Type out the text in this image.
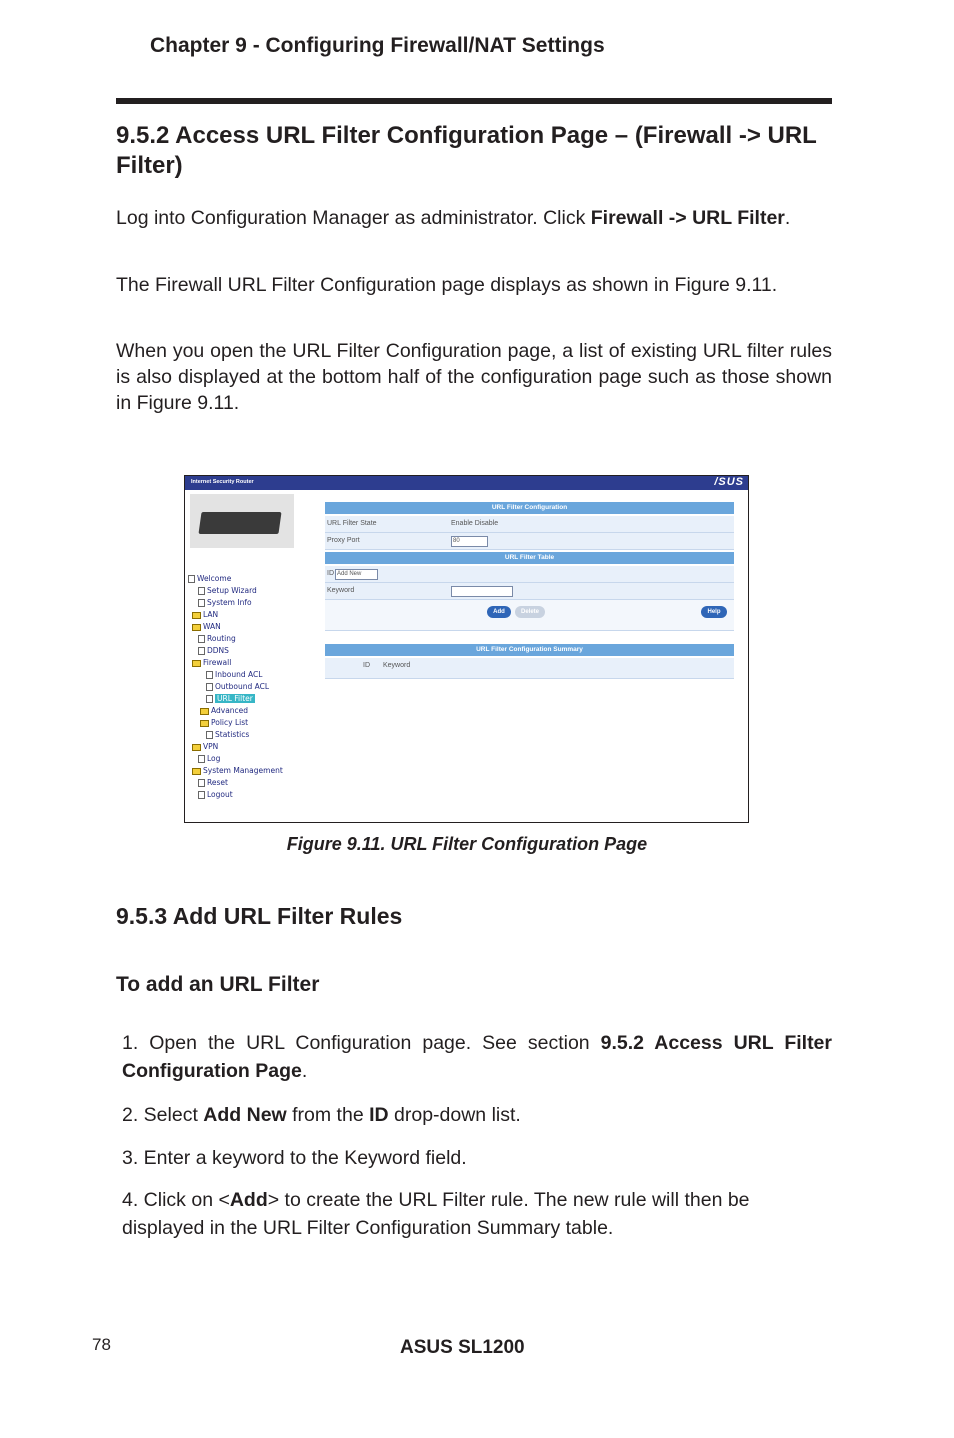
Chapter 9 - Configuring Firewall/NAT Settings
9.5.2 Access URL Filter Configuration Page – (Firewall -> URL Filter)
Log into Configuration Manager as administrator. Click Firewall -> URL Filter.
The Firewall URL Filter Configuration page displays as shown in Figure 9.11.
When you open the URL Filter Configuration page, a list of existing URL filter rules is also displayed at the bottom half of the configuration page such as those shown in Figure 9.11.
Internet Security Router	/SUS
Welcome
Setup Wizard
System Info
LAN
WAN
Routing
DDNS
Firewall
Inbound ACL
Outbound ACL
URL Filter
Advanced
Policy List
Statistics
VPN
Log
System Management
Reset
Logout
URL Filter Configuration
URL Filter State	Enable Disable
Proxy Port	80
URL Filter Table
ID Add New
Keyword
Add	Delete	Help
URL Filter Configuration Summary
ID Keyword
Figure 9.11. URL Filter Configuration Page
9.5.3 Add URL Filter Rules
To add an URL Filter
1. Open the URL Configuration page. See section 9.5.2 Access URL Filter Configuration Page.
2. Select Add New from the ID drop-down list.
3. Enter a keyword to the Keyword field.
4. Click on <Add> to create the URL Filter rule. The new rule will then be displayed in the URL Filter Configuration Summary table.
78	ASUS SL1200
